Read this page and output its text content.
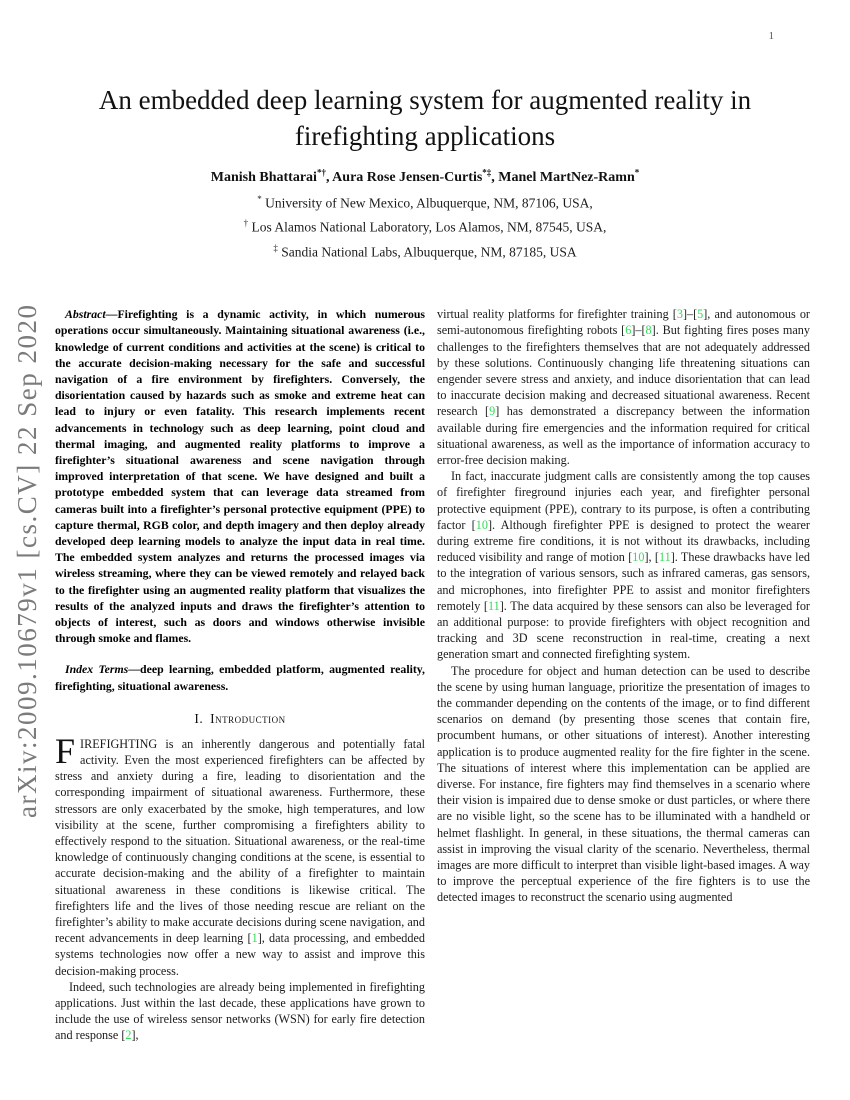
1
arXiv:2009.10679v1 [cs.CV] 22 Sep 2020
An embedded deep learning system for augmented reality in firefighting applications
Manish Bhattarai*†, Aura Rose Jensen-Curtis*‡, Manel MartNez-Ramn*
* University of New Mexico, Albuquerque, NM, 87106, USA,
† Los Alamos National Laboratory, Los Alamos, NM, 87545, USA,
‡ Sandia National Labs, Albuquerque, NM, 87185, USA

Abstract—Firefighting is a dynamic activity, in which numerous operations occur simultaneously. Maintaining situational awareness (i.e., knowledge of current conditions and activities at the scene) is critical to the accurate decision-making necessary for the safe and successful navigation of a fire environment by firefighters. Conversely, the disorientation caused by hazards such as smoke and extreme heat can lead to injury or even fatality. This research implements recent advancements in technology such as deep learning, point cloud and thermal imaging, and augmented reality platforms to improve a firefighter’s situational awareness and scene navigation through improved interpretation of that scene. We have designed and built a prototype embedded system that can leverage data streamed from cameras built into a firefighter’s personal protective equipment (PPE) to capture thermal, RGB color, and depth imagery and then deploy already developed deep learning models to analyze the input data in real time. The embedded system analyzes and returns the processed images via wireless streaming, where they can be viewed remotely and relayed back to the firefighter using an augmented reality platform that visualizes the results of the analyzed inputs and draws the firefighter’s attention to objects of interest, such as doors and windows otherwise invisible through smoke and flames.

Index Terms—deep learning, embedded platform, augmented reality, firefighting, situational awareness.

I. Introduction

FIREFIGHTING is an inherently dangerous and potentially fatal activity. Even the most experienced firefighters can be affected by stress and anxiety during a fire, leading to disorientation and the corresponding impairment of situational awareness. Furthermore, these stressors are only exacerbated by the smoke, high temperatures, and low visibility at the scene, further compromising a firefighters ability to effectively respond to the situation. Situational awareness, or the real-time knowledge of continuously changing conditions at the scene, is essential to accurate decision-making and the ability of a firefighter to maintain situational awareness in these conditions is likewise critical. The firefighters life and the lives of those needing rescue are reliant on the firefighter’s ability to make accurate decisions during scene navigation, and recent advancements in deep learning [1], data processing, and embedded systems technologies now offer a new way to assist and improve this decision-making process.

Indeed, such technologies are already being implemented in firefighting applications. Just within the last decade, these applications have grown to include the use of wireless sensor networks (WSN) for early fire detection and response [2],

virtual reality platforms for firefighter training [3]–[5], and autonomous or semi-autonomous firefighting robots [6]–[8]. But fighting fires poses many challenges to the firefighters themselves that are not adequately addressed by these solutions. Continuously changing life threatening situations can engender severe stress and anxiety, and induce disorientation that can lead to inaccurate decision making and decreased situational awareness. Recent research [9] has demonstrated a discrepancy between the information available during fire emergencies and the information required for critical situational awareness, as well as the importance of information accuracy to error-free decision making.

In fact, inaccurate judgment calls are consistently among the top causes of firefighter fireground injuries each year, and firefighter personal protective equipment (PPE), contrary to its purpose, is often a contributing factor [10]. Although firefighter PPE is designed to protect the wearer during extreme fire conditions, it is not without its drawbacks, including reduced visibility and range of motion [10], [11]. These drawbacks have led to the integration of various sensors, such as infrared cameras, gas sensors, and microphones, into firefighter PPE to assist and monitor firefighters remotely [11]. The data acquired by these sensors can also be leveraged for an additional purpose: to provide firefighters with object recognition and tracking and 3D scene reconstruction in real-time, creating a next generation smart and connected firefighting system.

The procedure for object and human detection can be used to describe the scene by using human language, prioritize the presentation of images to the commander depending on the contents of the image, or to find different scenarios on demand (by presenting those scenes that contain fire, procumbent humans, or other situations of interest). Another interesting application is to produce augmented reality for the fire fighter in the scene. The situations of interest where this implementation can be applied are diverse. For instance, fire fighters may find themselves in a scenario where their vision is impaired due to dense smoke or dust particles, or where there are no visible light, so the scene has to be illuminated with a handheld or helmet flashlight. In general, in these situations, the thermal cameras can assist in improving the visual clarity of the scenario. Nevertheless, thermal images are more difficult to interpret than visible light-based images. A way to improve the perceptual experience of the fire fighters is to use the detected images to reconstruct the scenario using augmented
